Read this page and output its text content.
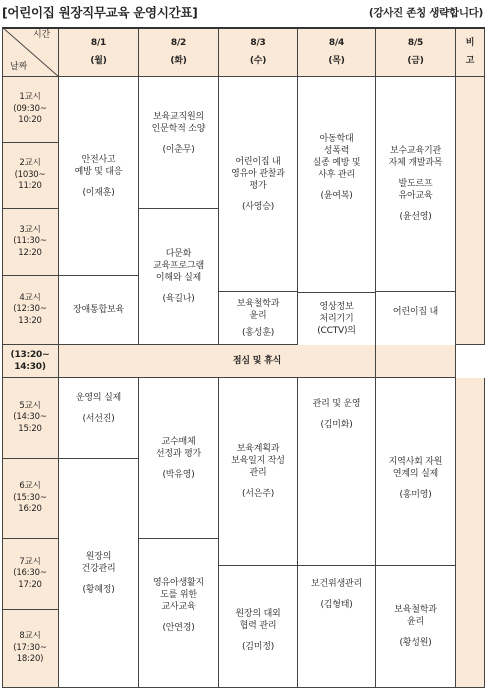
[어린이집 원장직무교육 운영시간표]	(강사진 존칭 생략합니다)
시간
날짜
8/1
(월)
8/2
(화)
8/3
(수)
8/4
(목)
8/5
(금)
비
고
1교시
(09:30~
10:20
2교시
(1030~
11:20
3교시
(11:30~
12:20
4교시
(12:30~
13:20
(13:20~
14:30)
점심 및 휴식
5교시
(14:30~
15:20
6교시
(15:30~
16:20
7교시
(16:30~
17:20
8교시
(17:30~
18:20)
안전사고
예방 및 대응
(이재훈)
장애통합보육
운영의 실제
(서선진)
원장의
건강관리
(황혜정)
보육교직원의
인문학적 소양
(이춘무)
다문화
교육프로그램
이해와 실제
(육길나)
교수매체
선정과 평가
(박유영)
영유아생활지
도를 위한
교사교육
(안연경)
어린이집 내
영유아 관찰과
평가
(사영승)
보육철학과
윤리
(홍성훈)
보육계획과
보육일지 작성
관리
(서은주)
원장의 대외
협력 관리
(김미정)
아동학대
성폭력
실종 예방 및
사후 관리
(윤여복)
영상정보
처리기기
(CCTV)의
관리 및 운영
(김미화)
보건위생관리
(김형태)
보수교육기관
자체 개발과목
발도르프
유아교육
(윤선영)
어린이집 내
지역사회 자원
연계의 실제
(홍미영)
보육철학과
윤리
(황성원)
